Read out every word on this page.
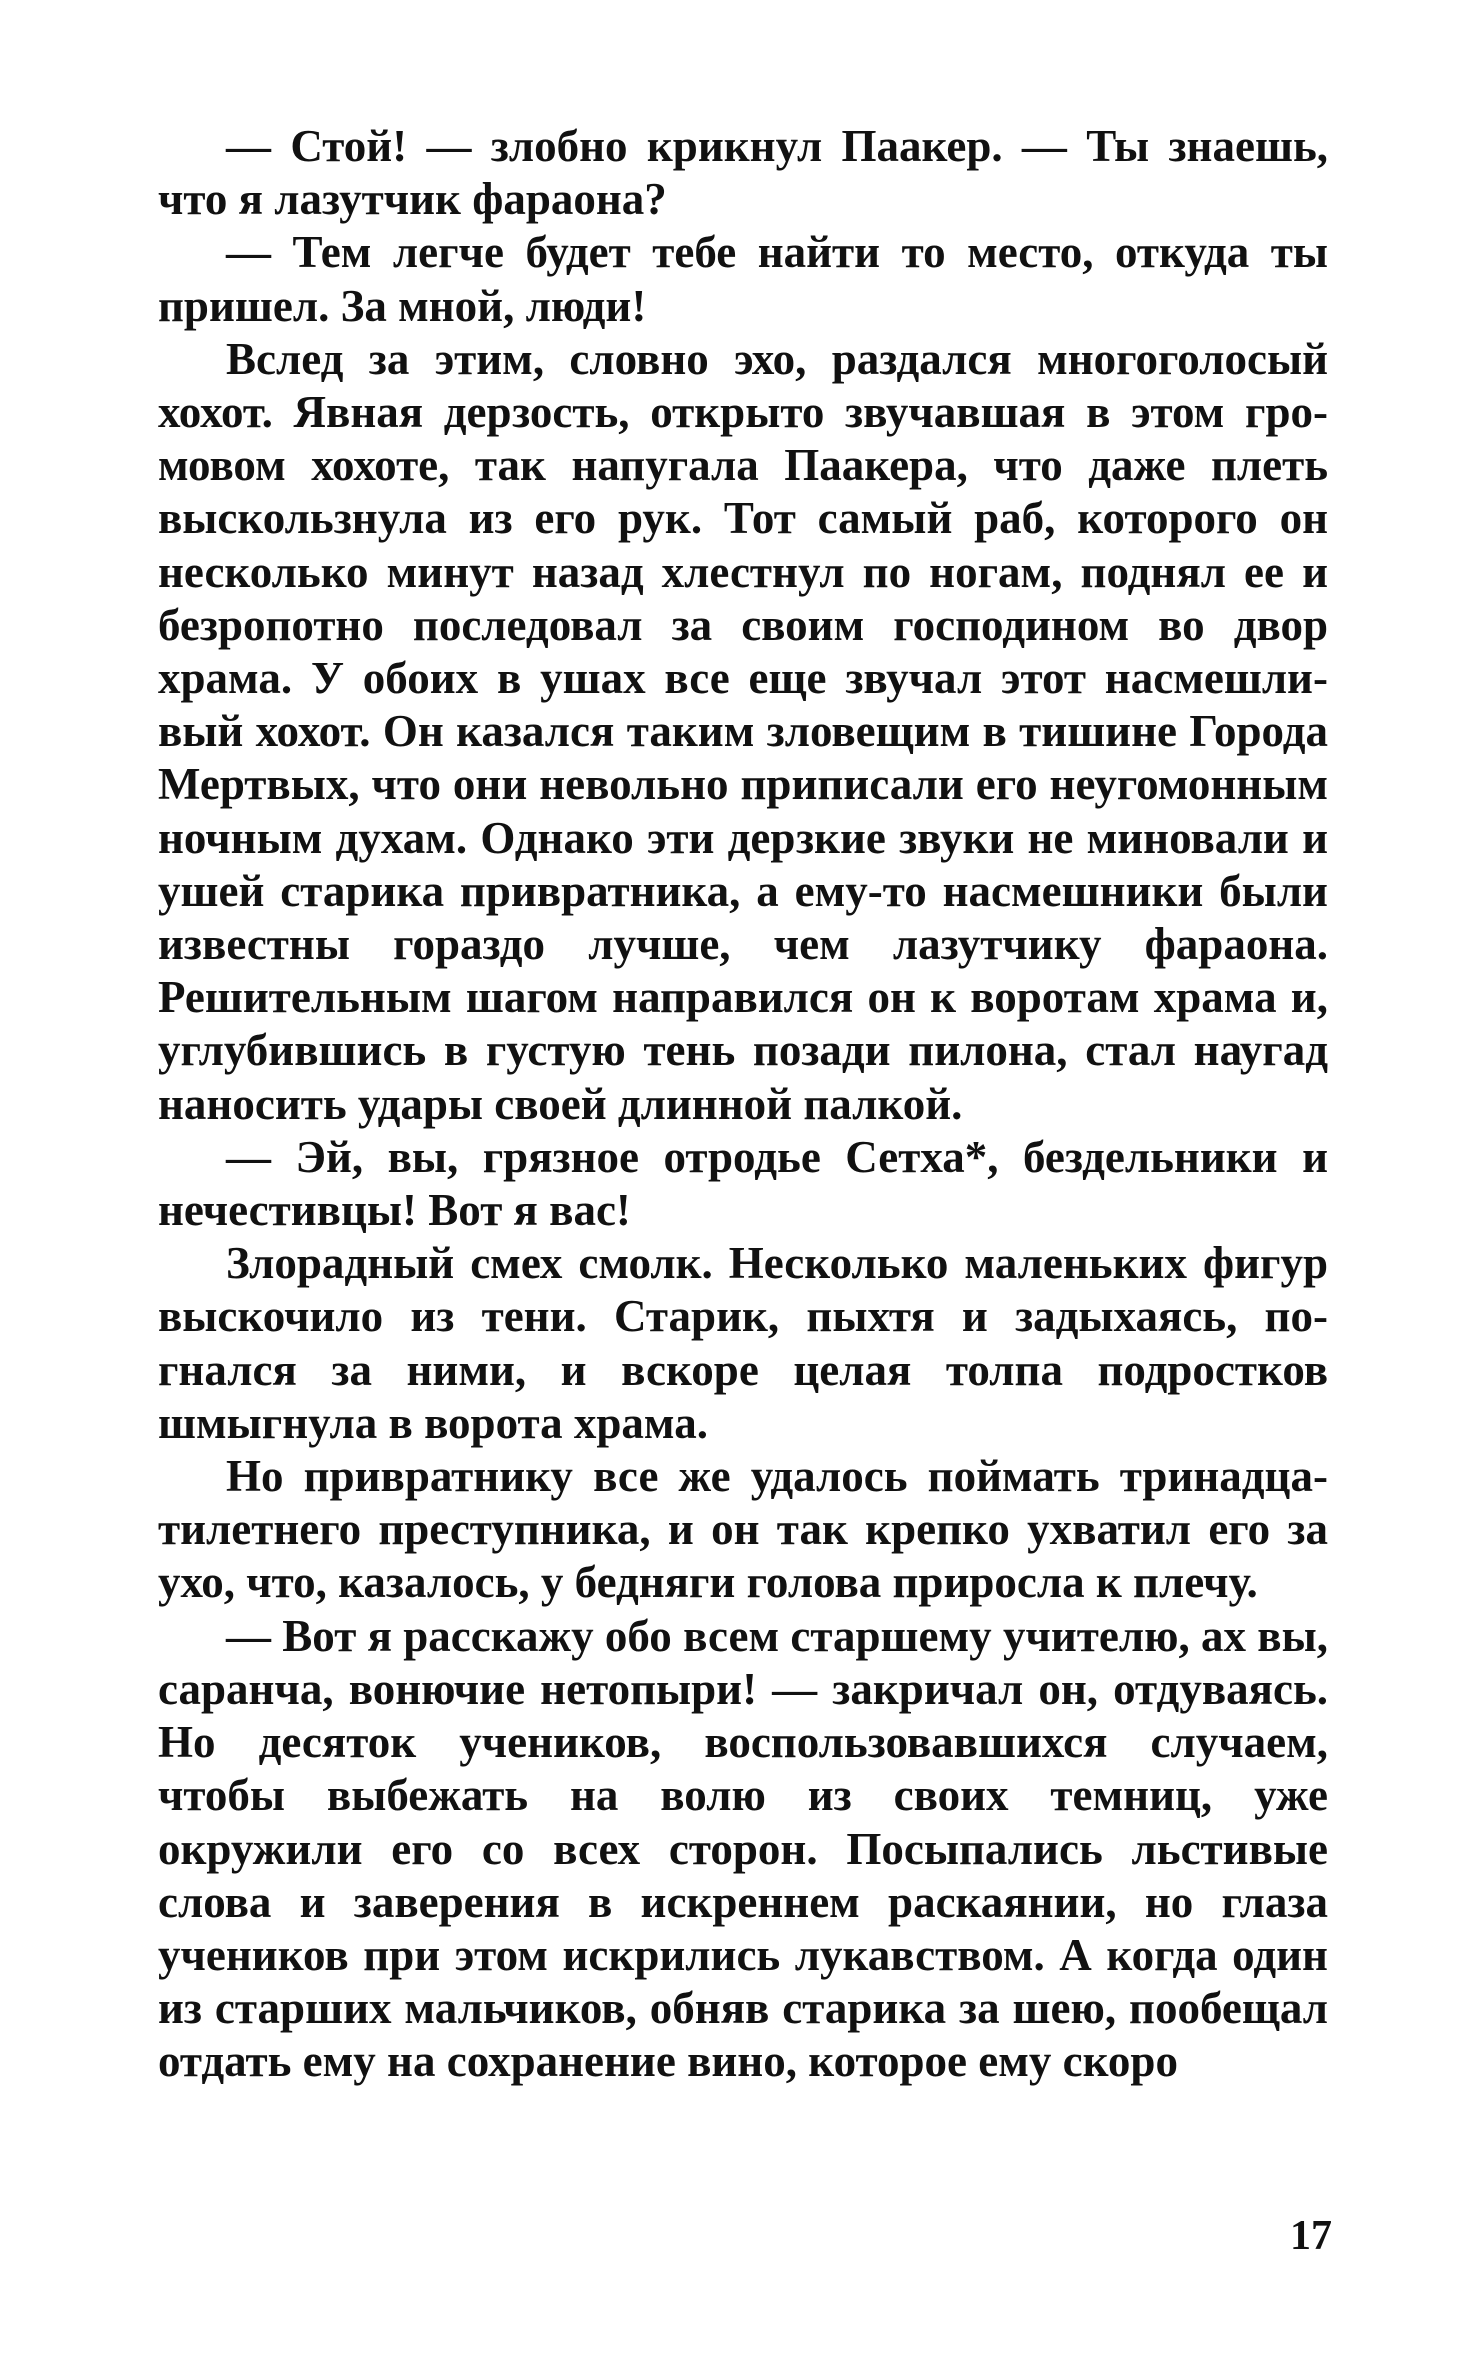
— Стой! — злобно крикнул Паакер. — Ты знаешь, что я лазутчик фараона?

— Тем легче будет тебе найти то место, откуда ты пришел. За мной, люди!

Вслед за этим, словно эхо, раздался многоголосый хохот. Явная дерзость, открыто звучавшая в этом громовом хохоте, так напугала Паакера, что даже плеть выскользнула из его рук. Тот самый раб, которого он несколько минут назад хлестнул по ногам, поднял ее и безропотно последовал за своим господином во двор храма. У обоих в ушах все еще звучал этот насмешливый хохот. Он казался таким зловещим в тишине Города Мертвых, что они невольно приписали его неугомонным ночным духам. Однако эти дерзкие звуки не миновали и ушей старика привратника, а ему-то насмешники были известны гораздо лучше, чем лазутчику фараона. Решительным шагом направился он к воротам храма и, углубившись в густую тень позади пилона, стал наугад наносить удары своей длинной палкой.

— Эй, вы, грязное отродье Сетха*, бездельники и нечестивцы! Вот я вас!

Злорадный смех смолк. Несколько маленьких фигур выскочило из тени. Старик, пыхтя и задыхаясь, погнался за ними, и вскоре целая толпа подростков шмыгнула в ворота храма.

Но привратнику все же удалось поймать тринадцатилетнего преступника, и он так крепко ухватил его за ухо, что, казалось, у бедняги голова приросла к плечу.

— Вот я расскажу обо всем старшему учителю, ах вы, саранча, вонючие нетопыри! — закричал он, отдуваясь. Но десяток учеников, воспользовавшихся случаем, чтобы выбежать на волю из своих темниц, уже окружили его со всех сторон. Посыпались льстивые слова и заверения в искреннем раскаянии, но глаза учеников при этом искрились лукавством. А когда один из старших мальчиков, обняв старика за шею, пообещал отдать ему на сохранение вино, которое ему скоро

17
